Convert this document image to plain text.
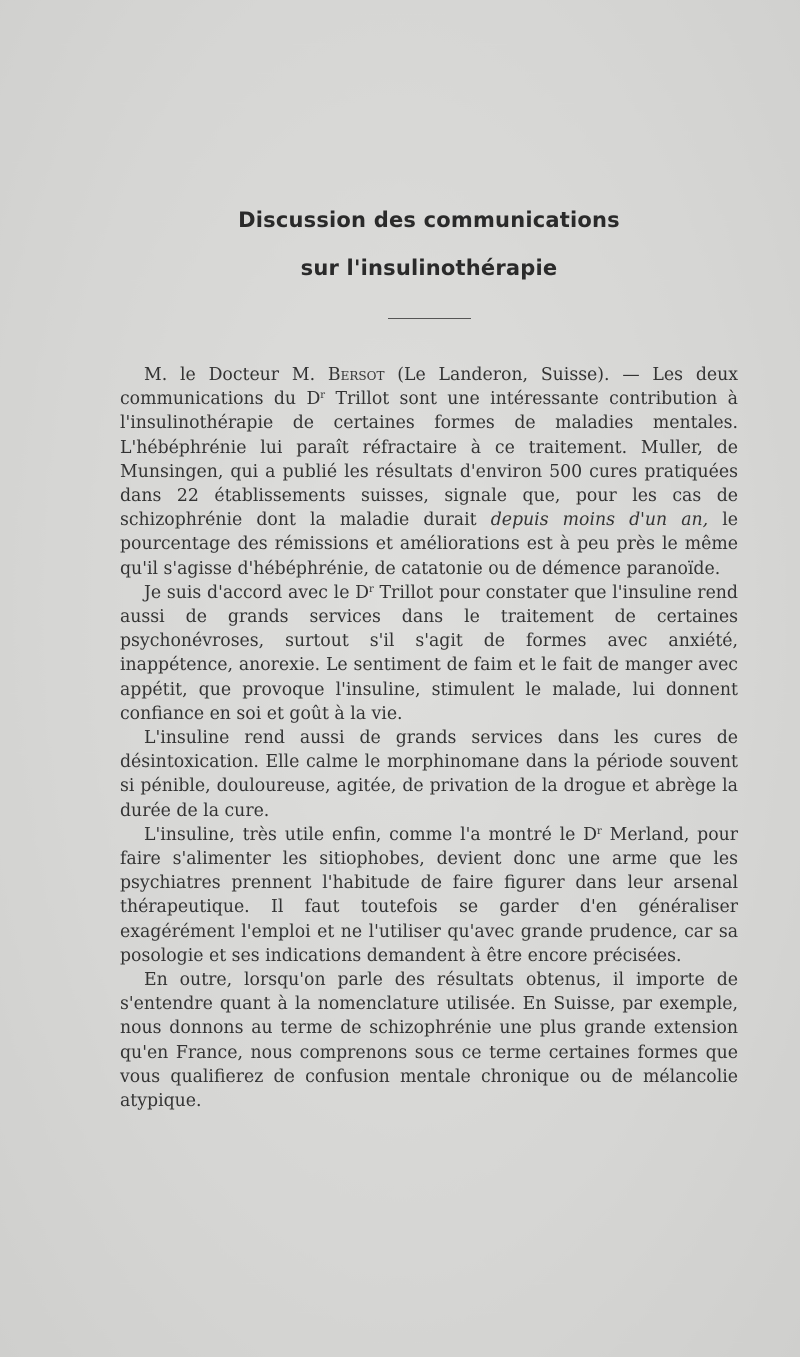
Discussion des communications
sur l'insulinothérapie

M. le Docteur M. Bersot (Le Landeron, Suisse). — Les deux communications du $D^r$ Trillot sont une intéressante contribution à l'insulinothérapie de certaines formes de maladies mentales. L'hébéphrénie lui paraît réfractaire à ce traitement. Muller, de Munsingen, qui a publié les résultats d'environ 500 cures pratiquées dans 22 établissements suisses, signale que, pour les cas de schizophrénie dont la maladie durait depuis moins d'un an, le pourcentage des rémissions et améliorations est à peu près le même qu'il s'agisse d'hébéphrénie, de catatonie ou de démence paranoïde.

Je suis d'accord avec le $D^r$ Trillot pour constater que l'insuline rend aussi de grands services dans le traitement de certaines psychonévroses, surtout s'il s'agit de formes avec anxiété, inappétence, anorexie. Le sentiment de faim et le fait de manger avec appétit, que provoque l'insuline, stimulent le malade, lui donnent confiance en soi et goût à la vie.

L'insuline rend aussi de grands services dans les cures de désintoxication. Elle calme le morphinomane dans la période souvent si pénible, douloureuse, agitée, de privation de la drogue et abrège la durée de la cure.

L'insuline, très utile enfin, comme l'a montré le $D^r$ Merland, pour faire s'alimenter les sitiophobes, devient donc une arme que les psychiatres prennent l'habitude de faire figurer dans leur arsenal thérapeutique. Il faut toutefois se garder d'en généraliser exagérément l'emploi et ne l'utiliser qu'avec grande prudence, car sa posologie et ses indications demandent à être encore précisées.

En outre, lorsqu'on parle des résultats obtenus, il importe de s'entendre quant à la nomenclature utilisée. En Suisse, par exemple, nous donnons au terme de schizophrénie une plus grande extension qu'en France, nous comprenons sous ce terme certaines formes que vous qualifierez de confusion mentale chronique ou de mélancolie atypique.
